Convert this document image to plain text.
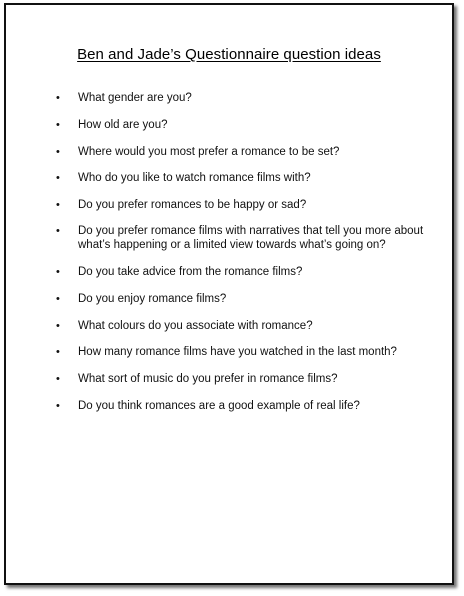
Ben and Jade’s Questionnaire question ideas
• What gender are you?
• How old are you?
• Where would you most prefer a romance to be set?
• Who do you like to watch romance films with?
• Do you prefer romances to be happy or sad?
• Do you prefer romance films with narratives that tell you more about what’s happening or a limited view towards what’s going on?
• Do you take advice from the romance films?
• Do you enjoy romance films?
• What colours do you associate with romance?
• How many romance films have you watched in the last month?
• What sort of music do you prefer in romance films?
• Do you think romances are a good example of real life?
